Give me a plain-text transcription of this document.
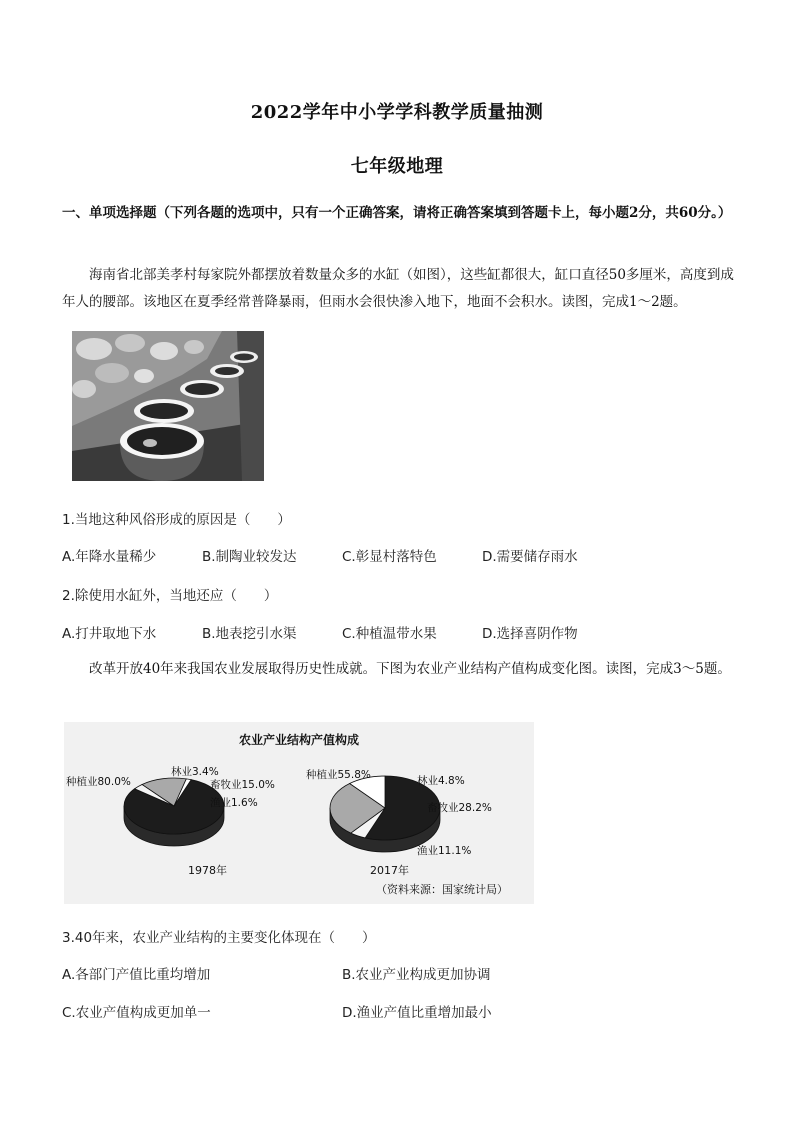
2022学年中小学学科教学质量抽测
七年级地理
一、单项选择题（下列各题的选项中，只有一个正确答案，请将正确答案填到答题卡上，每小题2分，共60分。）
海南省北部美孝村每家院外都摆放着数量众多的水缸（如图），这些缸都很大，缸口直径50多厘米，高度到成年人的腰部。该地区在夏季经常普降暴雨，但雨水会很快渗入地下，地面不会积水。读图，完成1～2题。
1.当地这种风俗形成的原因是（　　）
A.年降水量稀少	B.制陶业较发达	C.彰显村落特色	D.需要储存雨水
2.除使用水缸外，当地还应（　　）
A.打井取地下水	B.地表挖引水渠	C.种植温带水果	D.选择喜阴作物
改革开放40年来我国农业发展取得历史性成就。下图为农业产业结构产值构成变化图。读图，完成3～5题。
农业产业结构产值构成
种植业80.0%
林业3.4%
畜牧业15.0%
渔业1.6%
种植业55.8%	林业4.8%
畜牧业28.2%
渔业11.1%
1978年	2017年
（资料来源：国家统计局）
3.40年来，农业产业结构的主要变化体现在（　　）
A.各部门产值比重均增加	B.农业产业构成更加协调
C.农业产值构成更加单一	D.渔业产值比重增加最小
